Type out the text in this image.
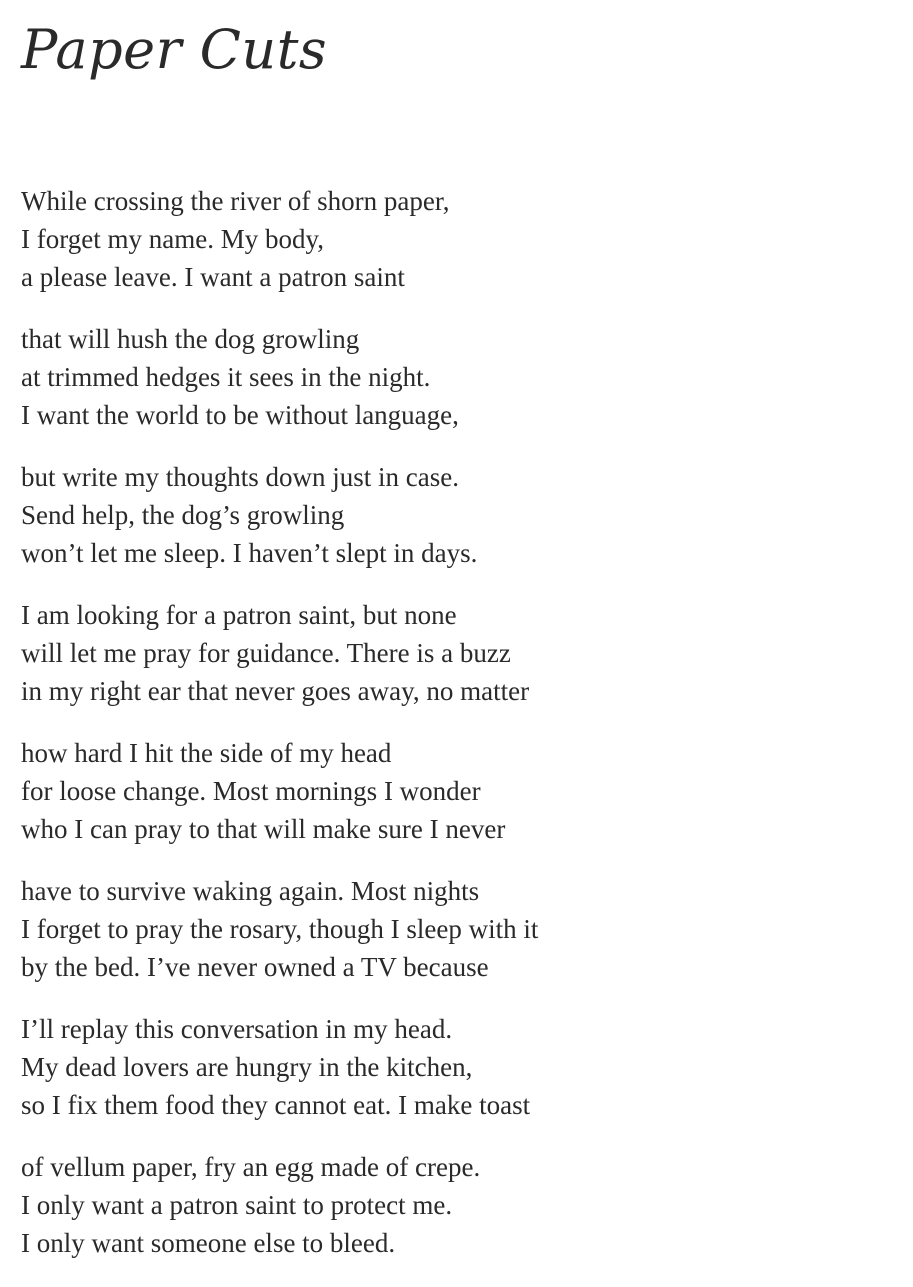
Paper Cuts

While crossing the river of shorn paper,
I forget my name. My body,
a please leave. I want a patron saint

that will hush the dog growling
at trimmed hedges it sees in the night.
I want the world to be without language,

but write my thoughts down just in case.
Send help, the dog’s growling
won’t let me sleep. I haven’t slept in days.

I am looking for a patron saint, but none
will let me pray for guidance. There is a buzz
in my right ear that never goes away, no matter

how hard I hit the side of my head
for loose change. Most mornings I wonder
who I can pray to that will make sure I never

have to survive waking again. Most nights
I forget to pray the rosary, though I sleep with it
by the bed. I’ve never owned a TV because

I’ll replay this conversation in my head.
My dead lovers are hungry in the kitchen,
so I fix them food they cannot eat. I make toast

of vellum paper, fry an egg made of crepe.
I only want a patron saint to protect me.
I only want someone else to bleed.
